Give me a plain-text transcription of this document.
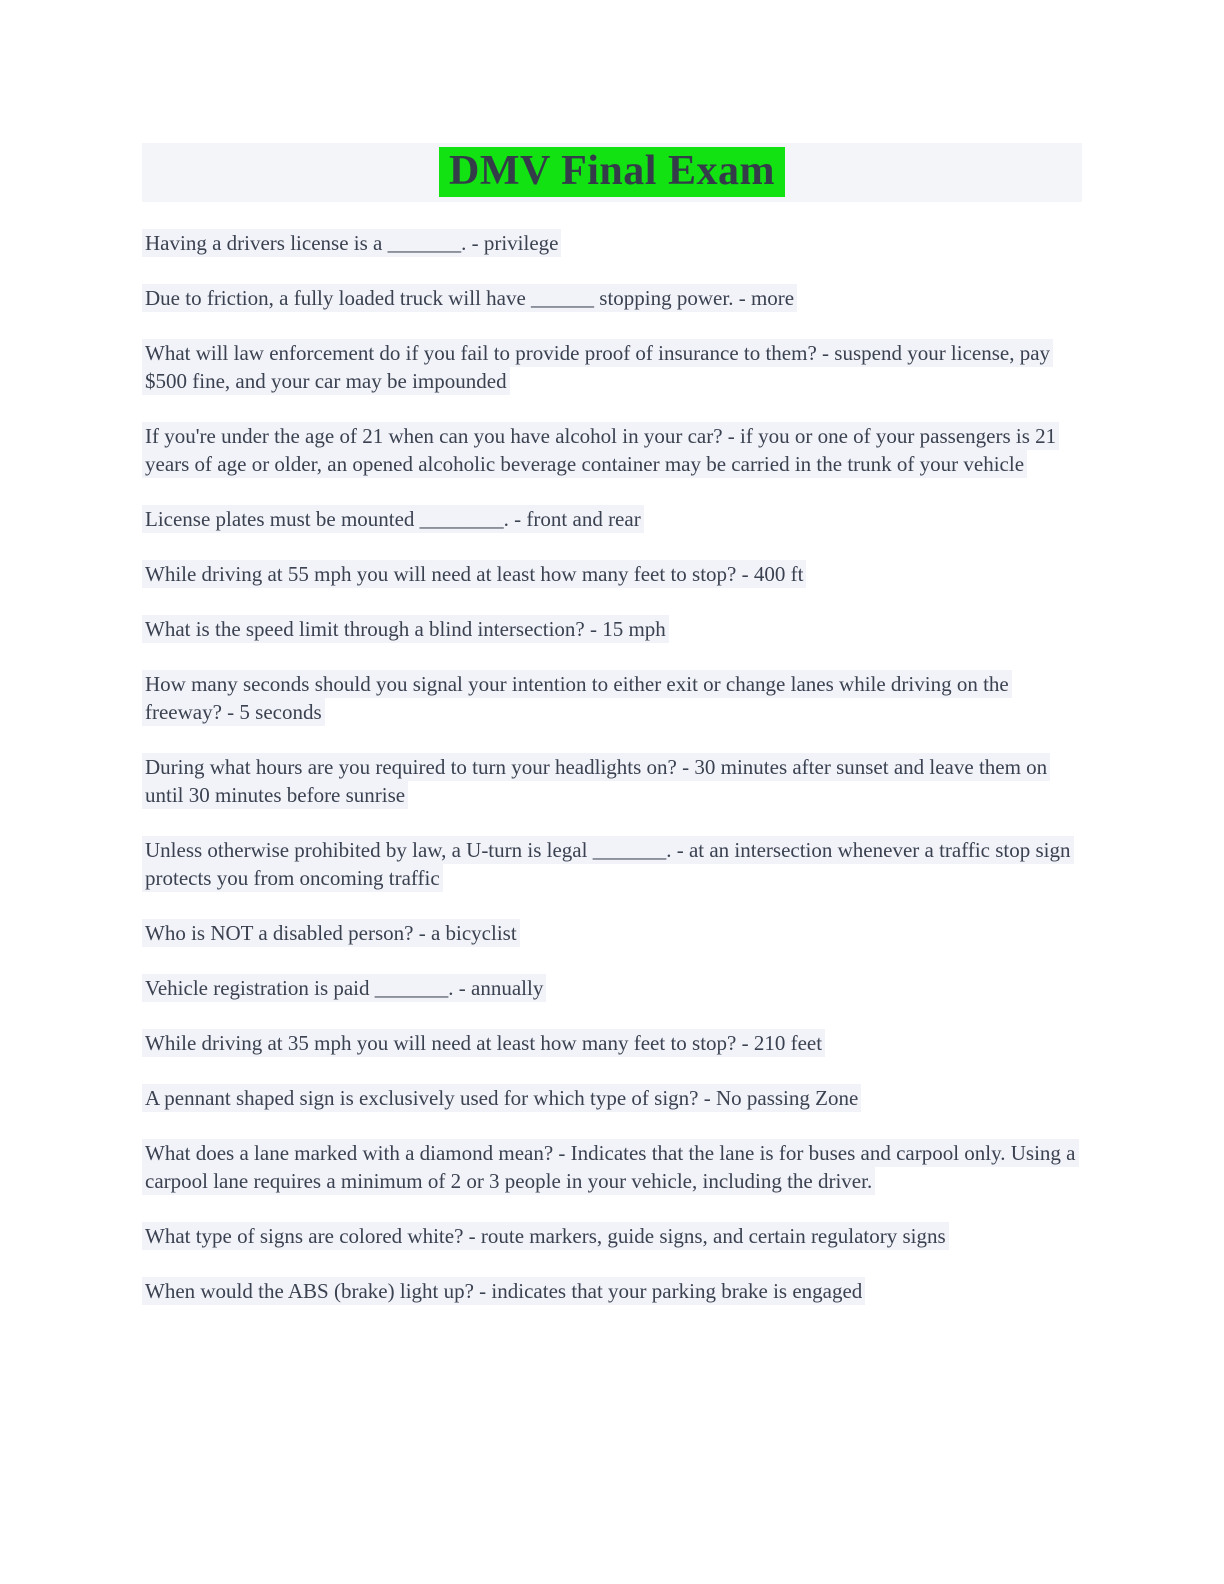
DMV Final Exam

Having a drivers license is a _______. - privilege

Due to friction, a fully loaded truck will have ______ stopping power. - more

What will law enforcement do if you fail to provide proof of insurance to them? - suspend your license, pay $500 fine, and your car may be impounded

If you're under the age of 21 when can you have alcohol in your car? - if you or one of your passengers is 21 years of age or older, an opened alcoholic beverage container may be carried in the trunk of your vehicle

License plates must be mounted ________. - front and rear

While driving at 55 mph you will need at least how many feet to stop? - 400 ft

What is the speed limit through a blind intersection? - 15 mph

How many seconds should you signal your intention to either exit or change lanes while driving on the freeway? - 5 seconds

During what hours are you required to turn your headlights on? - 30 minutes after sunset and leave them on until 30 minutes before sunrise

Unless otherwise prohibited by law, a U-turn is legal _______. - at an intersection whenever a traffic stop sign protects you from oncoming traffic

Who is NOT a disabled person? - a bicyclist

Vehicle registration is paid _______. - annually

While driving at 35 mph you will need at least how many feet to stop? - 210 feet

A pennant shaped sign is exclusively used for which type of sign? - No passing Zone

What does a lane marked with a diamond mean? - Indicates that the lane is for buses and carpool only. Using a carpool lane requires a minimum of 2 or 3 people in your vehicle, including the driver.

What type of signs are colored white? - route markers, guide signs, and certain regulatory signs

When would the ABS (brake) light up? - indicates that your parking brake is engaged
